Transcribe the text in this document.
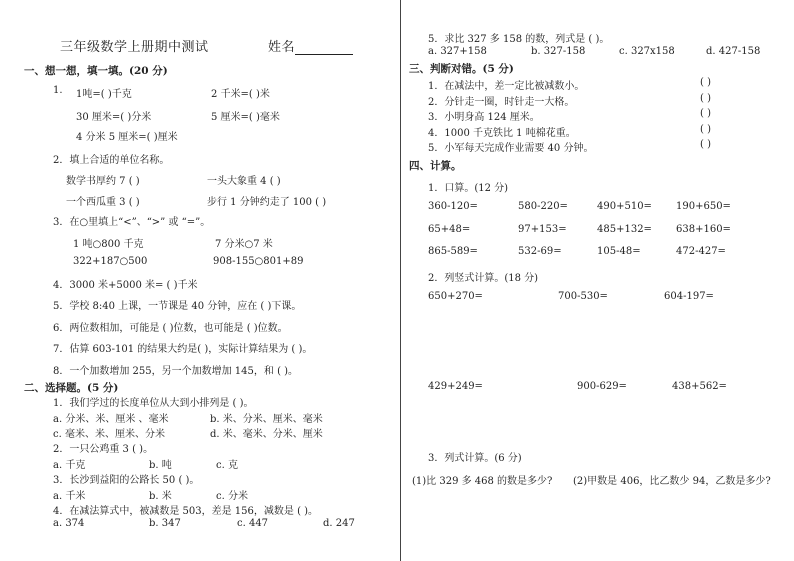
三年级数学上册期中测试	姓名
一、想一想，填一填。(20 分)
1. 1吨=( )千克	2 千米=( )米
30 厘米=( )分米	5 厘米=( )毫米
4 分米 5 厘米=( )厘米
2．填上合适的单位名称。
数学书厚约 7 ( )	一头大象重 4 ( )
一个西瓜重 3 ( )	步行 1 分钟约走了 100 ( )
3．在○里填上“<”、“>” 或 “=”。
1 吨○800 千克	7 分米○7 米
322+187○500	908-155○801+89
4．3000 米+5000 米= ( )千米
5．学校 8:40 上课，一节课是 40 分钟，应在 ( )下课。
6．两位数相加，可能是 ( )位数，也可能是 ( )位数。
7．估算 603-101 的结果大约是( )，实际计算结果为 ( )。
8．一个加数增加 255，另一个加数增加 145，和 ( )。
二、选择题。(5 分)
1．我们学过的长度单位从大到小排列是 ( )。
a. 分米、米、厘米 、毫米	b. 米、分米、厘米、毫米
c. 毫米、米、厘米、分米	d. 米、毫米、分米、厘米
2．一只公鸡重 3 ( )。
a. 千克	b. 吨	c. 克
3．长沙到益阳的公路长 50 ( )。
a. 千米	b. 米	c. 分米
4．在减法算式中，被减数是 503，差是 156，减数是 ( )。
a. 374	b. 347	c. 447	d. 247
5．求比 327 多 158 的数，列式是 ( )。
a. 327+158	b. 327-158	c. 327x158	d. 427-158
三、判断对错。(5 分)
1．在减法中，差一定比被减数小。	( )
2．分针走一圈，时针走一大格。	( )
3．小明身高 124 厘米。	( )
4．1000 千克铁比 1 吨棉花重。	( )
5．小军每天完成作业需要 40 分钟。	( )
四、计算。
1．口算。(12 分)
360-120=	580-220=	490+510= 190+650=
65+48=	97+153=	485+132= 638+160=
865-589=	532-69=	105-48=	472-427=
2．列竖式计算。(18 分)
650+270=	700-530=	604-197=
429+249=	900-629=	438+562=
3．列式计算。(6 分)
(1)比 329 多 468 的数是多少? (2)甲数是 406，比乙数少 94，乙数是多少?
